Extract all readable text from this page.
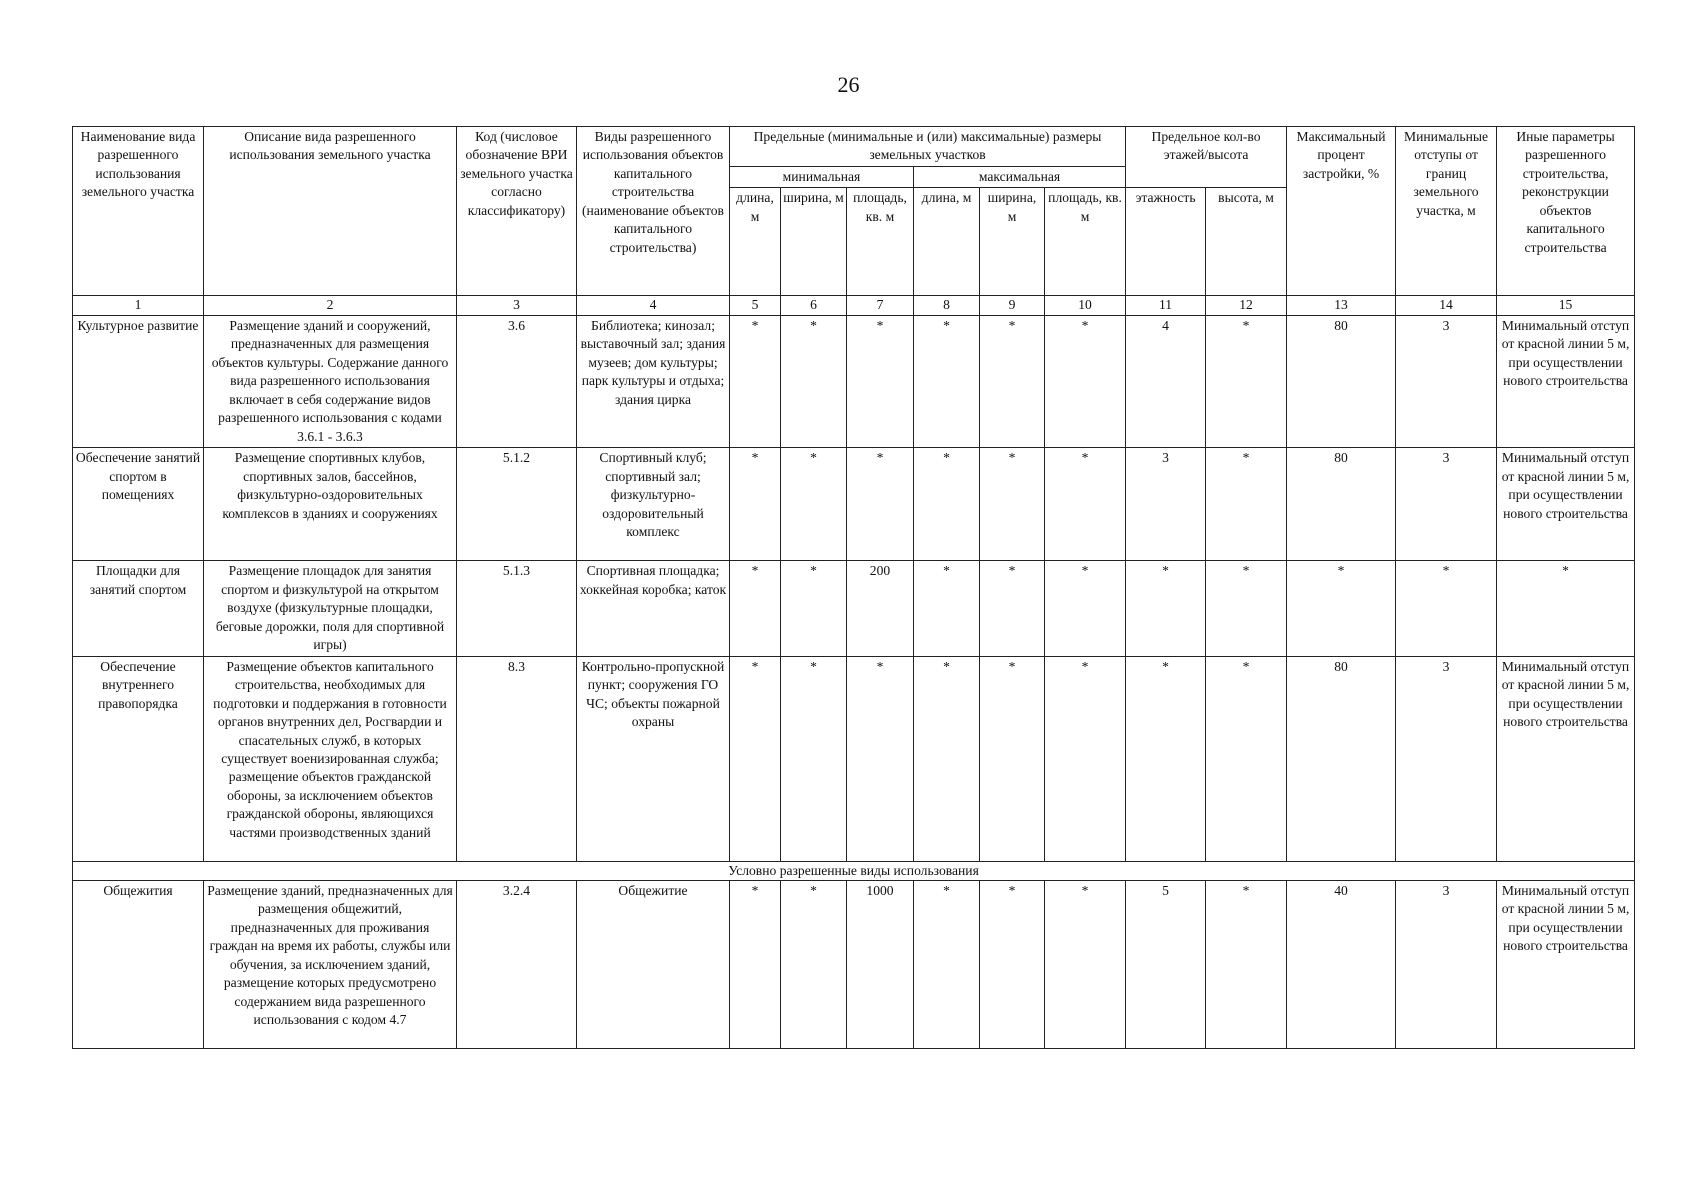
26
Наименование вида разрешенного использования земельного участка	Описание вида разрешенного использования земельного участка	Код (числовое обозначение ВРИ земельного участка согласно классификатору)	Виды разрешенного использования объектов капитального строительства (наименование объектов капитального строительства)	Предельные (минимальные и (или) максимальные) размеры земельных участков						Предельное кол-во этажей/высота		Максимальный процент застройки, %	Минимальные отступы от границ земельного участка, м	Иные параметры разрешенного строительства, реконструкции объектов капитального строительства
				минимальная			максимальная							
				длина, м	ширина, м	площадь, кв. м	длина, м	ширина, м	площадь, кв. м	этажность	высота, м			
1	2	3	4	5	6	7	8	9	10	11	12	13	14	15
Культурное развитие	Размещение зданий и сооружений, предназначенных для размещения объектов культуры. Содержание данного вида разрешенного использования включает в себя содержание видов разрешенного использования с кодами 3.6.1 - 3.6.3	3.6	Библиотека; кинозал; выставочный зал; здания музеев; дом культуры; парк культуры и отдыха; здания цирка	*	*	*	*	*	*	4	*	80	3	Минимальный отступ от красной линии 5 м, при осуществлении нового строительства
Обеспечение занятий спортом в помещениях	Размещение спортивных клубов, спортивных залов, бассейнов, физкультурно-оздоровительных комплексов в зданиях и сооружениях	5.1.2	Спортивный клуб; спортивный зал; физкультурно-оздоровительный комплекс	*	*	*	*	*	*	3	*	80	3	Минимальный отступ от красной линии 5 м, при осуществлении нового строительства
Площадки для занятий спортом	Размещение площадок для занятия спортом и физкультурой на открытом воздухе (физкультурные площадки, беговые дорожки, поля для спортивной игры)	5.1.3	Спортивная площадка; хоккейная коробка; каток	*	*	200	*	*	*	*	*	*	*	*
Обеспечение внутреннего правопорядка	Размещение объектов капитального строительства, необходимых для подготовки и поддержания в готовности органов внутренних дел, Росгвардии и спасательных служб, в которых существует военизированная служба; размещение объектов гражданской обороны, за исключением объектов гражданской обороны, являющихся частями производственных зданий	8.3	Контрольно-пропускной пункт; сооружения ГО ЧС; объекты пожарной охраны	*	*	*	*	*	*	*	*	80	3	Минимальный отступ от красной линии 5 м, при осуществлении нового строительства
Условно разрешенные виды использования														
Общежития	Размещение зданий, предназначенных для размещения общежитий, предназначенных для проживания граждан на время их работы, службы или обучения, за исключением зданий, размещение которых предусмотрено содержанием вида разрешенного использования с кодом 4.7	3.2.4	Общежитие	*	*	1000	*	*	*	5	*	40	3	Минимальный отступ от красной линии 5 м, при осуществлении нового строительства
